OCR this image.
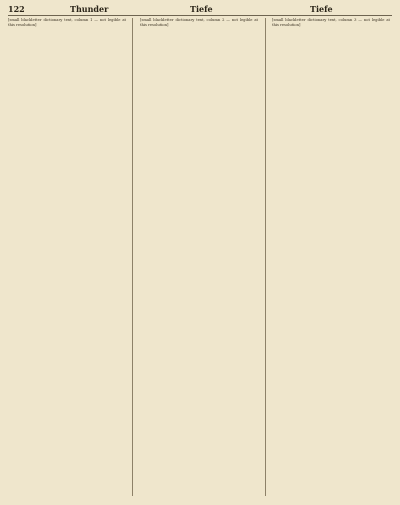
122	Thunder	Tiefe	Tiefe
[small blackletter dictionary text, column 1 — not legible at this resolution]
[small blackletter dictionary text, column 2 — not legible at this resolution]
[small blackletter dictionary text, column 3 — not legible at this resolution]
